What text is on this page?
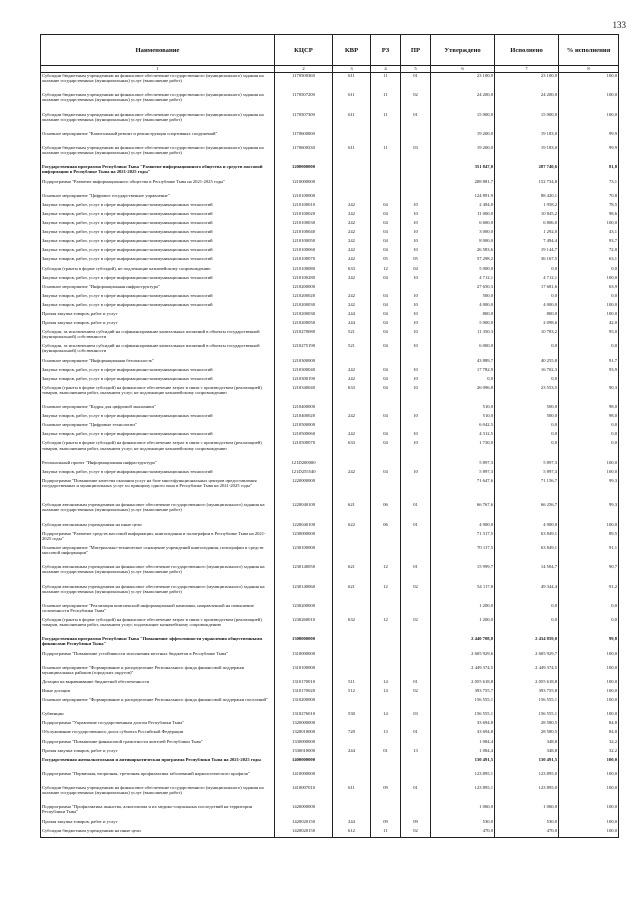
133
Наименование	КЦСР	КВР	РЗ	ПР	Утверждено	Исполнено	% исполнения
1	2	3	4	5	6	7	8
Субсидии бюджетным учреждениям на финансовое обеспечение государственного (муниципального) задания на оказание государственных (муниципальных) услуг (выполнение работ)	1170500360	611	11	01	23 100,0	23 100,0	100,0
Субсидии бюджетным учреждениям на финансовое обеспечение государственного (муниципального) задания на оказание государственных (муниципальных) услуг (выполнение работ)	1170507200	611	11	02	24 200,0	24 200,0	100,0
Субсидии бюджетным учреждениям на финансовое обеспечение государственного (муниципального) задания на оказание государственных (муниципальных) услуг (выполнение работ)	1170507300	611	11	01	15 000,0	15 000,0	100,0
Основное мероприятие "Капитальный ремонт и реконструкция спортивных сооружений"	1170600000				19 200,0	19 183,0	99,9
Субсидии бюджетным учреждениям на финансовое обеспечение государственного (муниципального) задания на оказание государственных (муниципальных) услуг (выполнение работ)	1170600330	611	11	03	19 200,0	19 183,0	99,9
Государственная программа Республики Тыва "Развитие информационного общества и средств массовой информации в Республике Тыва на 2021-2025 годы"	1200000000				351 847,0	287 740,6	81,8
Подпрограмма "Развитие информационного общества в Республике Тыва на 2021-2025 годы"	1210000000				208 881,7	152 734,8	73,1
Основное мероприятие "Цифровое государственное управление"	1210100000				124 891,9	88 420,1	70,8
Закупка товаров, работ, услуг в сфере информационно-коммуникационных технологий	1210100010	242	04	10	2 494,0	1 958,2	78,5
Закупка товаров, работ, услуг в сфере информационно-коммуникационных технологий	1210100020	242	04	10	11 000,0	10 845,2	98,6
Закупка товаров, работ, услуг в сфере информационно-коммуникационных технологий	1210100030	242	04	10	6 600,0	6 806,0	100,0
Закупка товаров, работ, услуг в сфере информационно-коммуникационных технологий	1210100040	242	04	10	3 000,0	1 292,0	43,1
Закупка товаров, работ, услуг в сфере информационно-коммуникационных технологий	1210100050	242	04	10	8 000,0	7 494,4	93,7
Закупка товаров, работ, услуг в сфере информационно-коммуникационных технологий	1210100060	242	04	10	26 583,6	19 144,7	72,0
Закупка товаров, работ, услуг в сфере информационно-коммуникационных технологий	1210100070	242	05	05	57 298,2	36 167,5	63,1
Субсидии (гранты в форме субсидий), не подлежащие казначейскому сопровождению	1210100080	633	12	04	5 000,0	0,0	0,0
Закупка товаров, работ, услуг в сфере информационно-коммуникационных технологий	1210100280	242	04	10	4 712,1	4 712,1	100,0
Основное мероприятие "Информационная инфраструктура"	1210200000				27 650,3	17 681,6	63,9
Закупка товаров, работ, услуг в сфере информационно-коммуникационных технологий	1210200020	242	04	10	500,0	0,0	0,0
Закупка товаров, работ, услуг в сфере информационно-коммуникационных технологий	1210200030	242	04	10	4 000,0	4 000,0	100,0
Прочая закупка товаров, работ и услуг	1210200030	244	04	10	800,0	800,0	100,0
Прочая закупка товаров, работ и услуг	1210200050	244	04	10	5 000,0	2 098,6	42,0
Субсидии, за исключением субсидий на софинансирование капитальных вложений в объекты государственной (муниципальной) собственности	1210270080	521	04	10	11 350,3	10 783,2	95,0
Субсидии, за исключением субсидий на софинансирование капитальных вложений в объекты государственной (муниципальной) собственности	1210275190	521	04	10	6 000,0	0,0	0,0
Основное мероприятие "Информационная безопасность"	1210300000				43 889,7	40 255,8	91,7
Закупка товаров, работ, услуг в сфере информационно-коммуникационных технологий	1210300040	242	04	10	17 782,9	16 702,3	93,9
Закупка товаров, работ, услуг в сфере информационно-коммуникационных технологий	1210300190	242	04	10	0,0	0,0	
Субсидии (гранты в форме субсидий) на финансовое обеспечение затрат в связи с производством (реализацией) товаров, выполнением работ, оказанием услуг, не подлежащие казначейскому сопровождению	1210340040	633	04	10	26 096,8	23 553,5	90,3
Основное мероприятие "Кадры для цифровой экономики"	1210400000				510,0	500,0	98,0
Закупка товаров, работ, услуг в сфере информационно-коммуникационных технологий	1210400020	242	04	10	510,0	500,0	98,0
Основное мероприятие "Цифровые технологии"	1210500000				6 042,5	0,0	0,0
Закупка товаров, работ, услуг в сфере информационно-коммуникационных технологий	1210500060	242	04	10	4 312,5	0,0	0,0
Субсидии (гранты в форме субсидий) на финансовое обеспечение затрат в связи с производством (реализацией) товаров, выполнением работ, оказанием услуг, не подлежащие казначейскому сопровождению	1210500070	633	04	10	1 730,0	0,0	0,0
Региональный проект "Информационная инфраструктура"	121D200000				5 897,3	5 897,3	100,0
Закупка товаров, работ, услуг в сфере информационно-коммуникационных технологий	121D255540	242	04	10	5 897,3	5 897,3	100,0
Подпрограмма "Повышение качества оказания услуг на базе многофункциональных центров предоставления государственных и муниципальных услуг по принципу одного окна в Республике Тыва на 2021-2025 годы"	1220000000				71 647,6	71 156,7	99,3
Субсидии автономным учреждениям на финансовое обеспечение государственного (муниципального) задания на оказание государственных (муниципальных) услуг (выполнение работ)	1220040100	621	06	01	66 767,6	66 256,7	99,3
Субсидии автономным учреждениям на иные цели	1220040100	622	06	01	4 900,0	4 900,0	100,0
Подпрограмма "Развитие средств массовой информации, книгоиздания и полиграфии в Республике Тыва на 2021-2025 годы"	1230000000				71 317,5	63 849,1	89,5
Основное мероприятие "Материально-техническое оснащение учреждений книгоиздания, полиграфии и средств массовой информации"	1230100000				70 117,5	63 849,1	91,1
Субсидии автономным учреждениям на финансовое обеспечение государственного (муниципального) задания на оказание государственных (муниципальных) услуг (выполнение работ)	1230140050	621	12	01	15 999,7	14 504,7	90,7
Субсидии автономным учреждениям на финансовое обеспечение государственного (муниципального) задания на оказание государственных (муниципальных) услуг (выполнение работ)	1230140060	621	12	02	54 117,8	49 344,4	91,2
Основное мероприятие "Реализация комплексной информационной кампании, направленной на повышение сплоченности Республики Тыва"	1230200000				1 200,0	0,0	0,0
Субсидии (гранты в форме субсидий) на финансовое обеспечение затрат в связи с производством (реализацией) товаров, выполнением работ, оказанием услуг, подлежащие казначейскому сопровождению	1230260010	632	12	02	1 200,0	0,0	0,0
Государственная программа Республики Тыва "Повышение эффективности управления общественными финансами Республики Тыва"	1300000000				2 440 708,8	2 434 859,0	99,8
Подпрограмма "Повышение устойчивости исполнения местных бюджетов в Республике Тыва"	1310000000				2 605 929,6	2 605 929,7	100,0
Основное мероприятие "Формирование и распределение Регионального фонда финансовой поддержки муниципальных районов (городских округов)"	1310100000				2 449 374,5	2 449 374,5	100,0
Дотации на выравнивание бюджетной обеспеченности	1310170010	511	14	01	2 055 618,8	2 055 618,8	100,0
Иные дотации	1310170020	512	14	02	393 755,7	393 755,8	100,0
Основное мероприятие "Формирование и распределение Регионального фонда финансовой поддержки поселений"	1310200000				156 555,1	156 555,1	100,0
Субвенции	1310276010	530	14	03	156 555,1	156 555,1	100,0
Подпрограмма "Управление государственным долгом Республики Тыва"	1320000000				33 694,8	28 580,5	84,8
Обслуживание государственного долга субъекта Российской Федерации	1320010000	720	13	01	33 694,8	28 580,5	84,8
Подпрограмма "Повышение финансовой грамотности жителей Республики Тыва"	1330000000				1 084,4	348,8	32,2
Прочая закупка товаров, работ и услуг	1330010000	244	01	13	1 084,4	348,8	32,2
Государственная антиалкогольная и антинаркотическая программа Республики Тыва на 2021-2025 годы	1400000000				130 491,5	130 491,5	100,0
Подпрограмма "Первичная, вторичная, третичная профилактика заболеваний наркологического профиля"	1410000000				123 895,1	123 895,0	100,0
Субсидии бюджетным учреждениям на финансовое обеспечение государственного (муниципального) задания на оказание государственных (муниципальных) услуг (выполнение работ)	1410007010	611	09	01	123 895,1	123 895,0	100,0
Подпрограмма "Профилактика пьянства, алкоголизма и их медико-социальных последствий на территории Республики Тыва"	1420000000				1 060,0	1 060,0	100,0
Прочая закупка товаров, работ и услуг	1420020150	244	09	09	530,0	530,0	100,0
Субсидии бюджетным учреждениям на иные цели	1420020150	612	11	02	470,0	470,0	100,0
